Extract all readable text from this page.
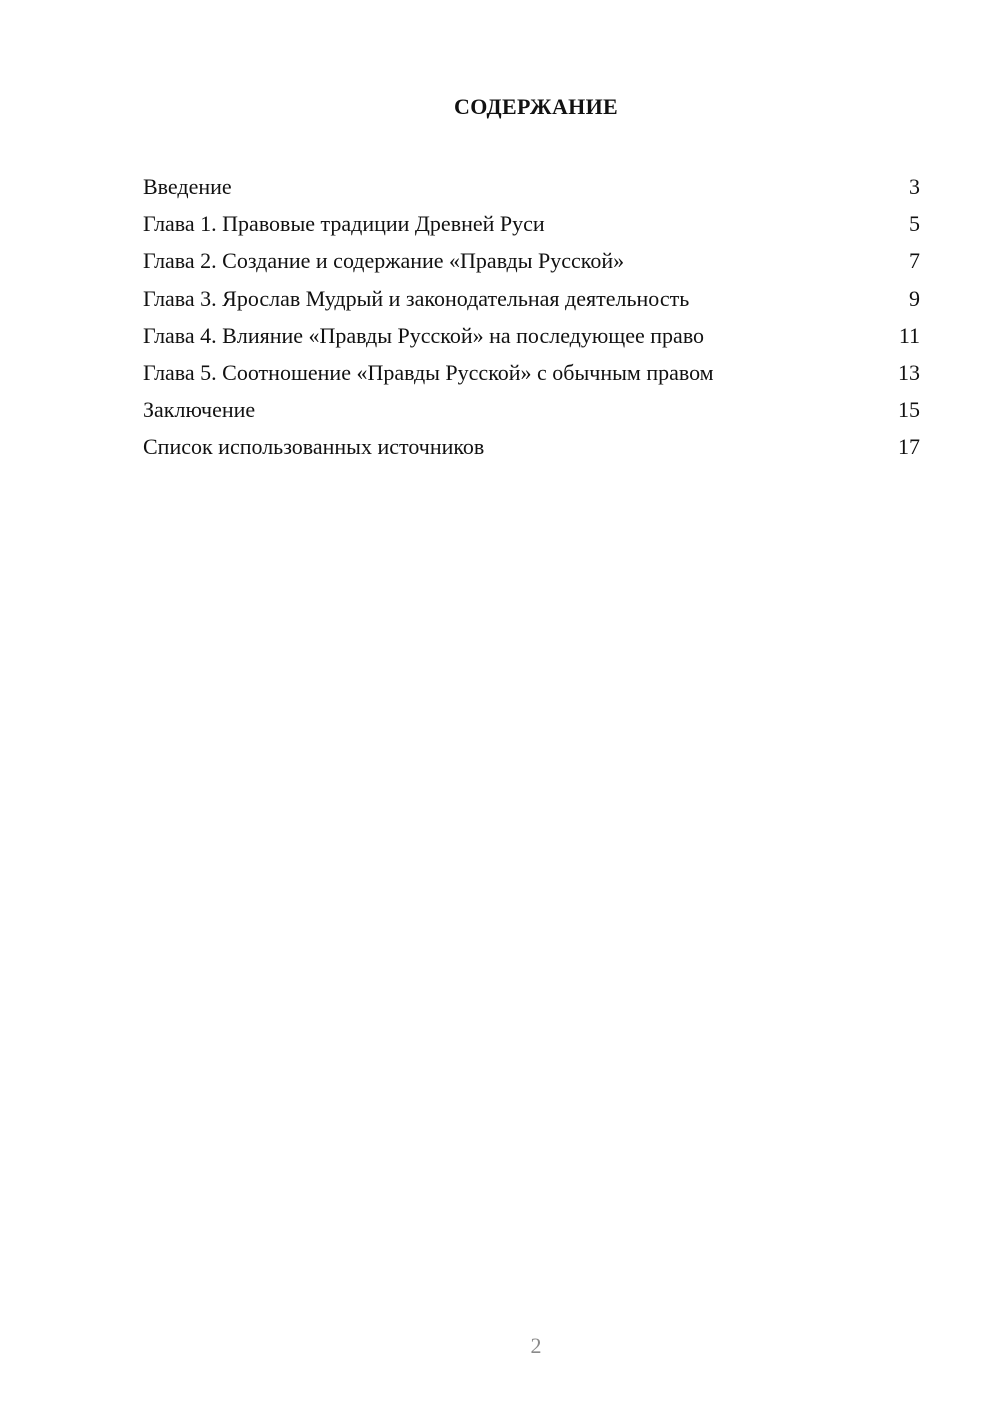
СОДЕРЖАНИЕ
Введение	3
Глава 1. Правовые традиции Древней Руси	5
Глава 2. Создание и содержание «Правды Русской»	7
Глава 3. Ярослав Мудрый и законодательная деятельность	9
Глава 4. Влияние «Правды Русской» на последующее право	11
Глава 5. Соотношение «Правды Русской» с обычным правом	13
Заключение	15
Список использованных источников	17
2
